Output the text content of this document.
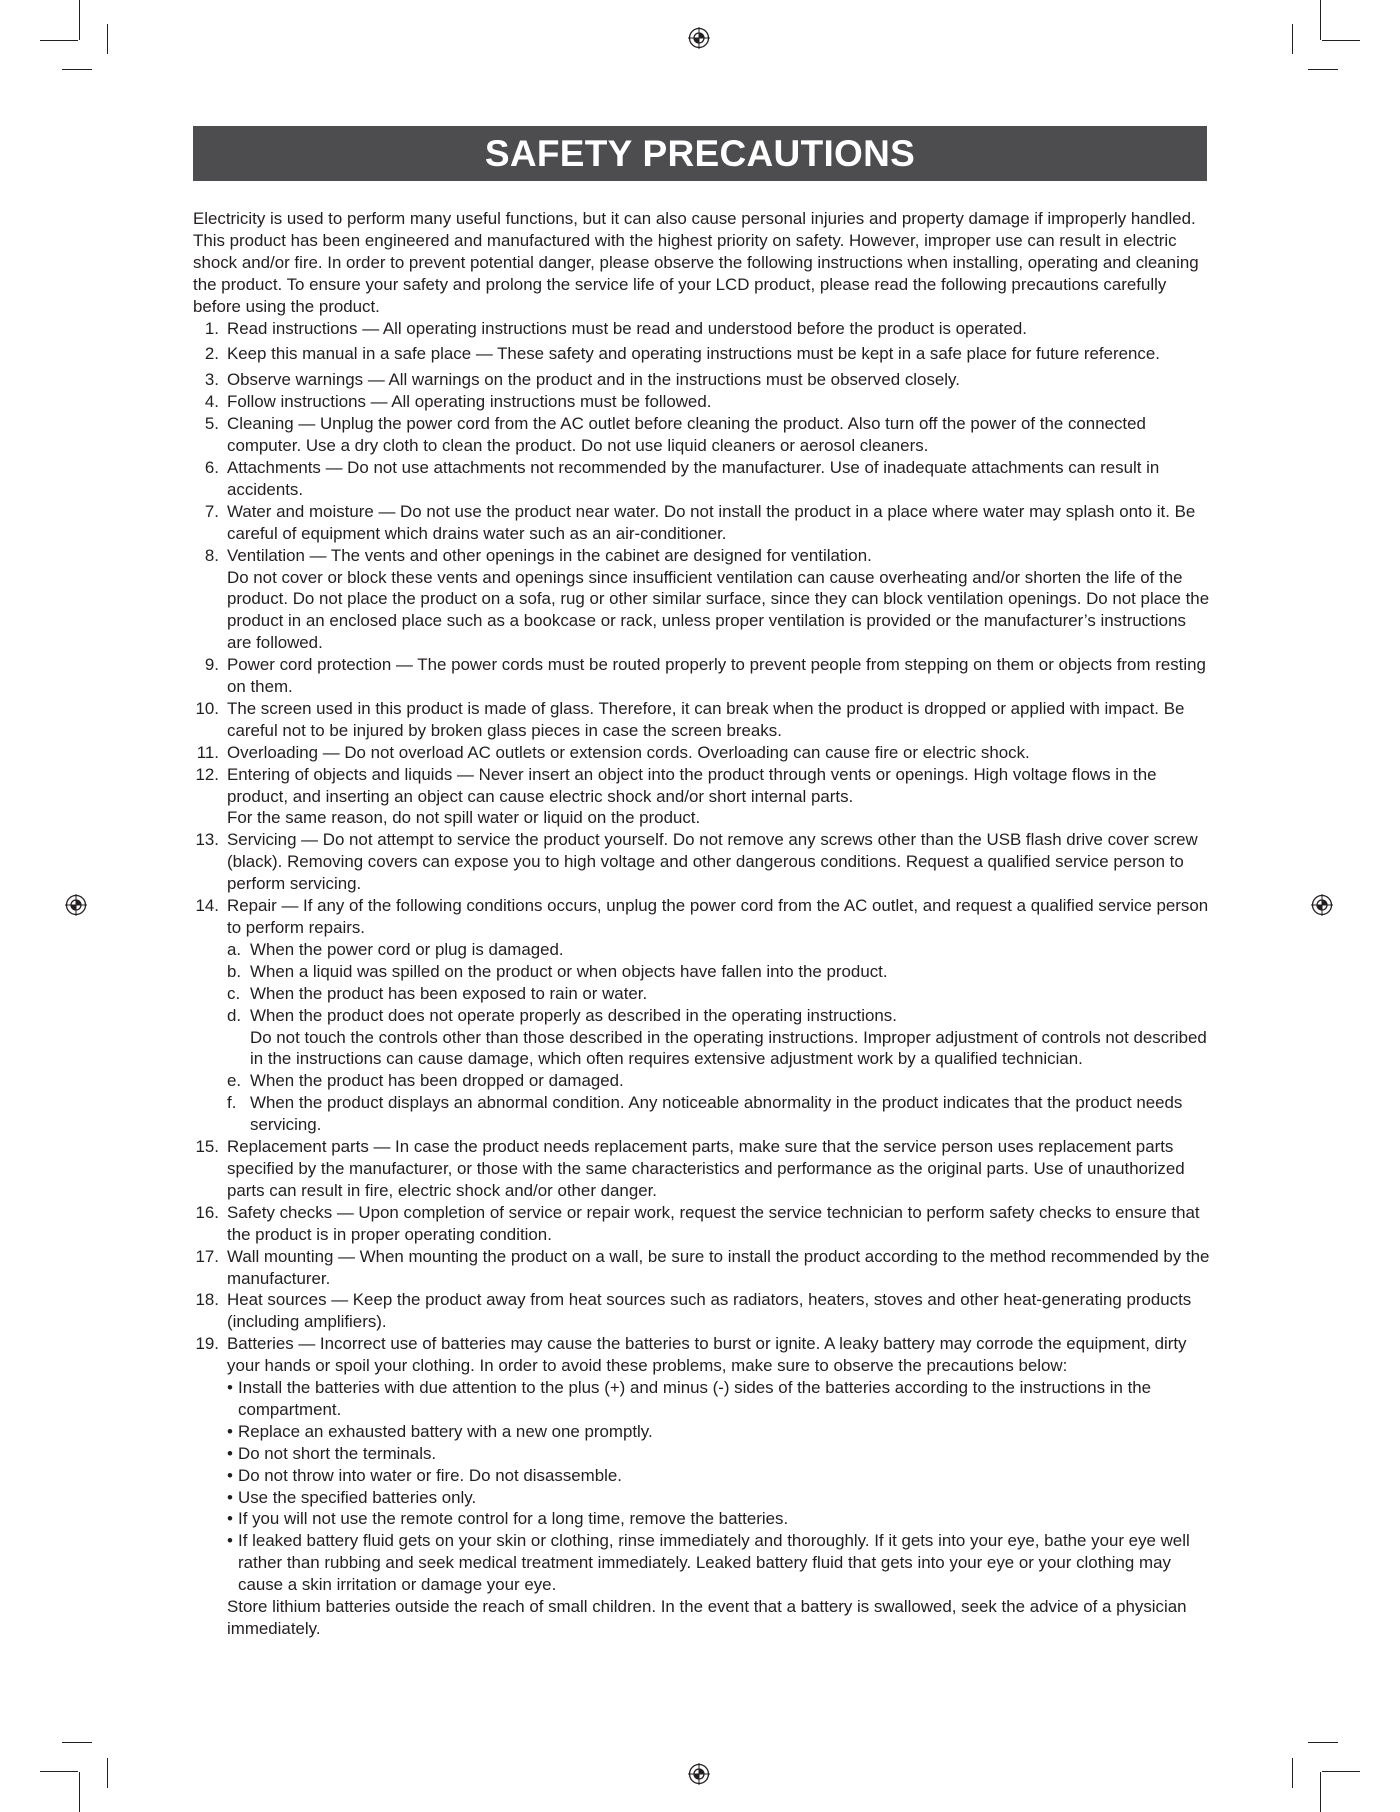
SAFETY PRECAUTIONS

Electricity is used to perform many useful functions, but it can also cause personal injuries and property damage if improperly handled. This product has been engineered and manufactured with the highest priority on safety. However, improper use can result in electric shock and/or fire. In order to prevent potential danger, please observe the following instructions when installing, operating and cleaning the product. To ensure your safety and prolong the service life of your LCD product, please read the following precautions carefully before using the product.

1. Read instructions — All operating instructions must be read and understood before the product is operated.

2. Keep this manual in a safe place — These safety and operating instructions must be kept in a safe place for future reference.

3. Observe warnings — All warnings on the product and in the instructions must be observed closely.

4. Follow instructions — All operating instructions must be followed.

5. Cleaning — Unplug the power cord from the AC outlet before cleaning the product. Also turn off the power of the connected computer. Use a dry cloth to clean the product. Do not use liquid cleaners or aerosol cleaners.

6. Attachments — Do not use attachments not recommended by the manufacturer. Use of inadequate attachments can result in accidents.

7. Water and moisture — Do not use the product near water. Do not install the product in a place where water may splash onto it. Be careful of equipment which drains water such as an air-conditioner.

8. Ventilation — The vents and other openings in the cabinet are designed for ventilation.

Do not cover or block these vents and openings since insufficient ventilation can cause overheating and/or shorten the life of the product. Do not place the product on a sofa, rug or other similar surface, since they can block ventilation openings. Do not place the product in an enclosed place such as a bookcase or rack, unless proper ventilation is provided or the manufacturer’s instructions are followed.

9. Power cord protection — The power cords must be routed properly to prevent people from stepping on them or objects from resting on them.

10. The screen used in this product is made of glass. Therefore, it can break when the product is dropped or applied with impact. Be careful not to be injured by broken glass pieces in case the screen breaks.

11. Overloading — Do not overload AC outlets or extension cords. Overloading can cause fire or electric shock.

12. Entering of objects and liquids — Never insert an object into the product through vents or openings. High voltage flows in the product, and inserting an object can cause electric shock and/or short internal parts.

For the same reason, do not spill water or liquid on the product.

13. Servicing — Do not attempt to service the product yourself. Do not remove any screws other than the USB flash drive cover screw (black). Removing covers can expose you to high voltage and other dangerous conditions. Request a qualified service person to perform servicing.

14. Repair — If any of the following conditions occurs, unplug the power cord from the AC outlet, and request a qualified service person to perform repairs.

a. When the power cord or plug is damaged.

b. When a liquid was spilled on the product or when objects have fallen into the product.

c. When the product has been exposed to rain or water.

d. When the product does not operate properly as described in the operating instructions.

Do not touch the controls other than those described in the operating instructions. Improper adjustment of controls not described in the instructions can cause damage, which often requires extensive adjustment work by a qualified technician.

e. When the product has been dropped or damaged.

f. When the product displays an abnormal condition. Any noticeable abnormality in the product indicates that the product needs servicing.

15. Replacement parts — In case the product needs replacement parts, make sure that the service person uses replacement parts specified by the manufacturer, or those with the same characteristics and performance as the original parts. Use of unauthorized parts can result in fire, electric shock and/or other danger.

16. Safety checks — Upon completion of service or repair work, request the service technician to perform safety checks to ensure that the product is in proper operating condition.

17. Wall mounting — When mounting the product on a wall, be sure to install the product according to the method recommended by the manufacturer.

18. Heat sources — Keep the product away from heat sources such as radiators, heaters, stoves and other heat-generating products (including amplifiers).

19. Batteries — Incorrect use of batteries may cause the batteries to burst or ignite. A leaky battery may corrode the equipment, dirty your hands or spoil your clothing. In order to avoid these problems, make sure to observe the precautions below:

• Install the batteries with due attention to the plus (+) and minus (-) sides of the batteries according to the instructions in the compartment.
• Replace an exhausted battery with a new one promptly.
• Do not short the terminals.
• Do not throw into water or fire. Do not disassemble.
• Use the specified batteries only.
• If you will not use the remote control for a long time, remove the batteries.
• If leaked battery fluid gets on your skin or clothing, rinse immediately and thoroughly. If it gets into your eye, bathe your eye well rather than rubbing and seek medical treatment immediately. Leaked battery fluid that gets into your eye or your clothing may cause a skin irritation or damage your eye.

Store lithium batteries outside the reach of small children. In the event that a battery is swallowed, seek the advice of a physician immediately.
